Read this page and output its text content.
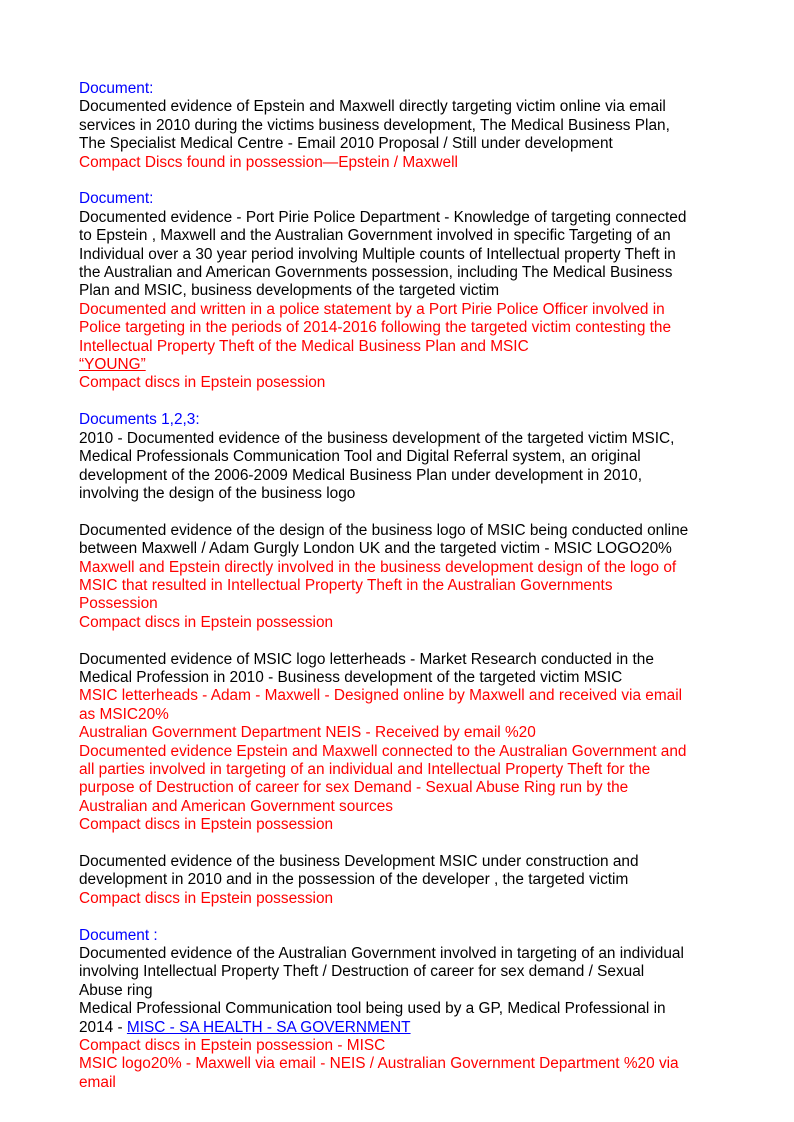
Document:
Documented evidence of Epstein and Maxwell directly targeting victim online via email
services in 2010 during the victims business development, The Medical Business Plan,
The Specialist Medical Centre - Email 2010 Proposal / Still under development
Compact Discs found in possession—Epstein / Maxwell
Document:
Documented evidence - Port Pirie Police Department - Knowledge of targeting connected
to Epstein , Maxwell and the Australian Government involved in specific Targeting of an
Individual over a 30 year period involving Multiple counts of Intellectual property Theft in
the Australian and American Governments possession, including The Medical Business
Plan and MSIC, business developments of the targeted victim
Documented and written in a police statement by a Port Pirie Police Officer involved in
Police targeting in the periods of 2014-2016 following the targeted victim contesting the
Intellectual Property Theft of the Medical Business Plan and MSIC
“YOUNG”
Compact discs in Epstein posession
Documents 1,2,3:
2010 - Documented evidence of the business development of the targeted victim MSIC,
Medical Professionals Communication Tool and Digital Referral system, an original
development of the 2006-2009 Medical Business Plan under development in 2010,
involving the design of the business logo
Documented evidence of the design of the business logo of MSIC being conducted online
between Maxwell / Adam Gurgly London UK and the targeted victim - MSIC LOGO20%
Maxwell and Epstein directly involved in the business development design of the logo of
MSIC that resulted in Intellectual Property Theft in the Australian Governments
Possession
Compact discs in Epstein possession
Documented evidence of MSIC logo letterheads - Market Research conducted in the
Medical Profession in 2010 - Business development of the targeted victim MSIC
MSIC letterheads - Adam - Maxwell - Designed online by Maxwell and received via email
as MSIC20%
Australian Government Department NEIS - Received by email %20
Documented evidence Epstein and Maxwell connected to the Australian Government and
all parties involved in targeting of an individual and Intellectual Property Theft for the
purpose of Destruction of career for sex Demand - Sexual Abuse Ring run by the
Australian and American Government sources
Compact discs in Epstein possession
Documented evidence of the business Development MSIC under construction and
development in 2010 and in the possession of the developer , the targeted victim
Compact discs in Epstein possession
Document :
Documented evidence of the Australian Government involved in targeting of an individual
involving Intellectual Property Theft / Destruction of career for sex demand / Sexual
Abuse ring
Medical Professional Communication tool being used by a GP, Medical Professional in
2014 - MISC - SA HEALTH - SA GOVERNMENT
Compact discs in Epstein possession - MISC
MSIC logo20% - Maxwell via email - NEIS / Australian Government Department %20 via
email
